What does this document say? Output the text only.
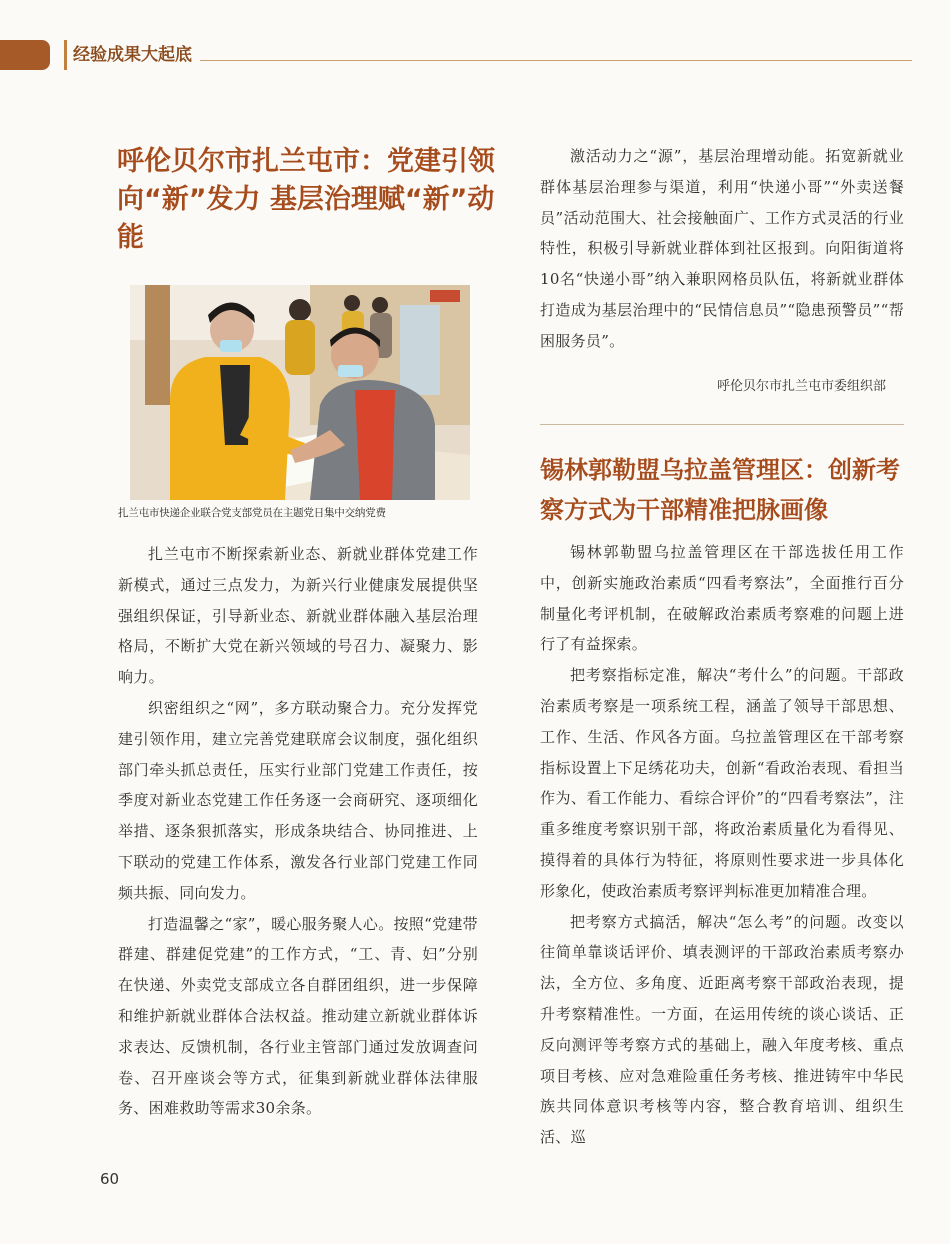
经验成果大起底
呼伦贝尔市扎兰屯市：党建引领向“新”发力 基层治理赋“新”动能
扎兰屯市快递企业联合党支部党员在主题党日集中交纳党费

扎兰屯市不断探索新业态、新就业群体党建工作新模式，通过三点发力，为新兴行业健康发展提供坚强组织保证，引导新业态、新就业群体融入基层治理格局，不断扩大党在新兴领域的号召力、凝聚力、影响力。

织密组织之“网”，多方联动聚合力。充分发挥党建引领作用，建立完善党建联席会议制度，强化组织部门牵头抓总责任，压实行业部门党建工作责任，按季度对新业态党建工作任务逐一会商研究、逐项细化举措、逐条狠抓落实，形成条块结合、协同推进、上下联动的党建工作体系，激发各行业部门党建工作同频共振、同向发力。

打造温馨之“家”，暖心服务聚人心。按照“党建带群建、群建促党建”的工作方式，“工、青、妇”分别在快递、外卖党支部成立各自群团组织，进一步保障和维护新就业群体合法权益。推动建立新就业群体诉求表达、反馈机制，各行业主管部门通过发放调查问卷、召开座谈会等方式，征集到新就业群体法律服务、困难救助等需求30余条。

激活动力之“源”，基层治理增动能。拓宽新就业群体基层治理参与渠道，利用“快递小哥”“外卖送餐员”活动范围大、社会接触面广、工作方式灵活的行业特性，积极引导新就业群体到社区报到。向阳街道将10名“快递小哥”纳入兼职网格员队伍，将新就业群体打造成为基层治理中的“民情信息员”“隐患预警员”“帮困服务员”。

呼伦贝尔市扎兰屯市委组织部
锡林郭勒盟乌拉盖管理区：创新考察方式为干部精准把脉画像

锡林郭勒盟乌拉盖管理区在干部选拔任用工作中，创新实施政治素质“四看考察法”，全面推行百分制量化考评机制，在破解政治素质考察难的问题上进行了有益探索。

把考察指标定准，解决“考什么”的问题。干部政治素质考察是一项系统工程，涵盖了领导干部思想、工作、生活、作风各方面。乌拉盖管理区在干部考察指标设置上下足绣花功夫，创新“看政治表现、看担当作为、看工作能力、看综合评价”的“四看考察法”，注重多维度考察识别干部，将政治素质量化为看得见、摸得着的具体行为特征，将原则性要求进一步具体化形象化，使政治素质考察评判标准更加精准合理。

把考察方式搞活，解决“怎么考”的问题。改变以往简单靠谈话评价、填表测评的干部政治素质考察办法，全方位、多角度、近距离考察干部政治表现，提升考察精准性。一方面，在运用传统的谈心谈话、正反向测评等考察方式的基础上，融入年度考核、重点项目考核、应对急难险重任务考核、推进铸牢中华民族共同体意识考核等内容，整合教育培训、组织生活、巡

60
